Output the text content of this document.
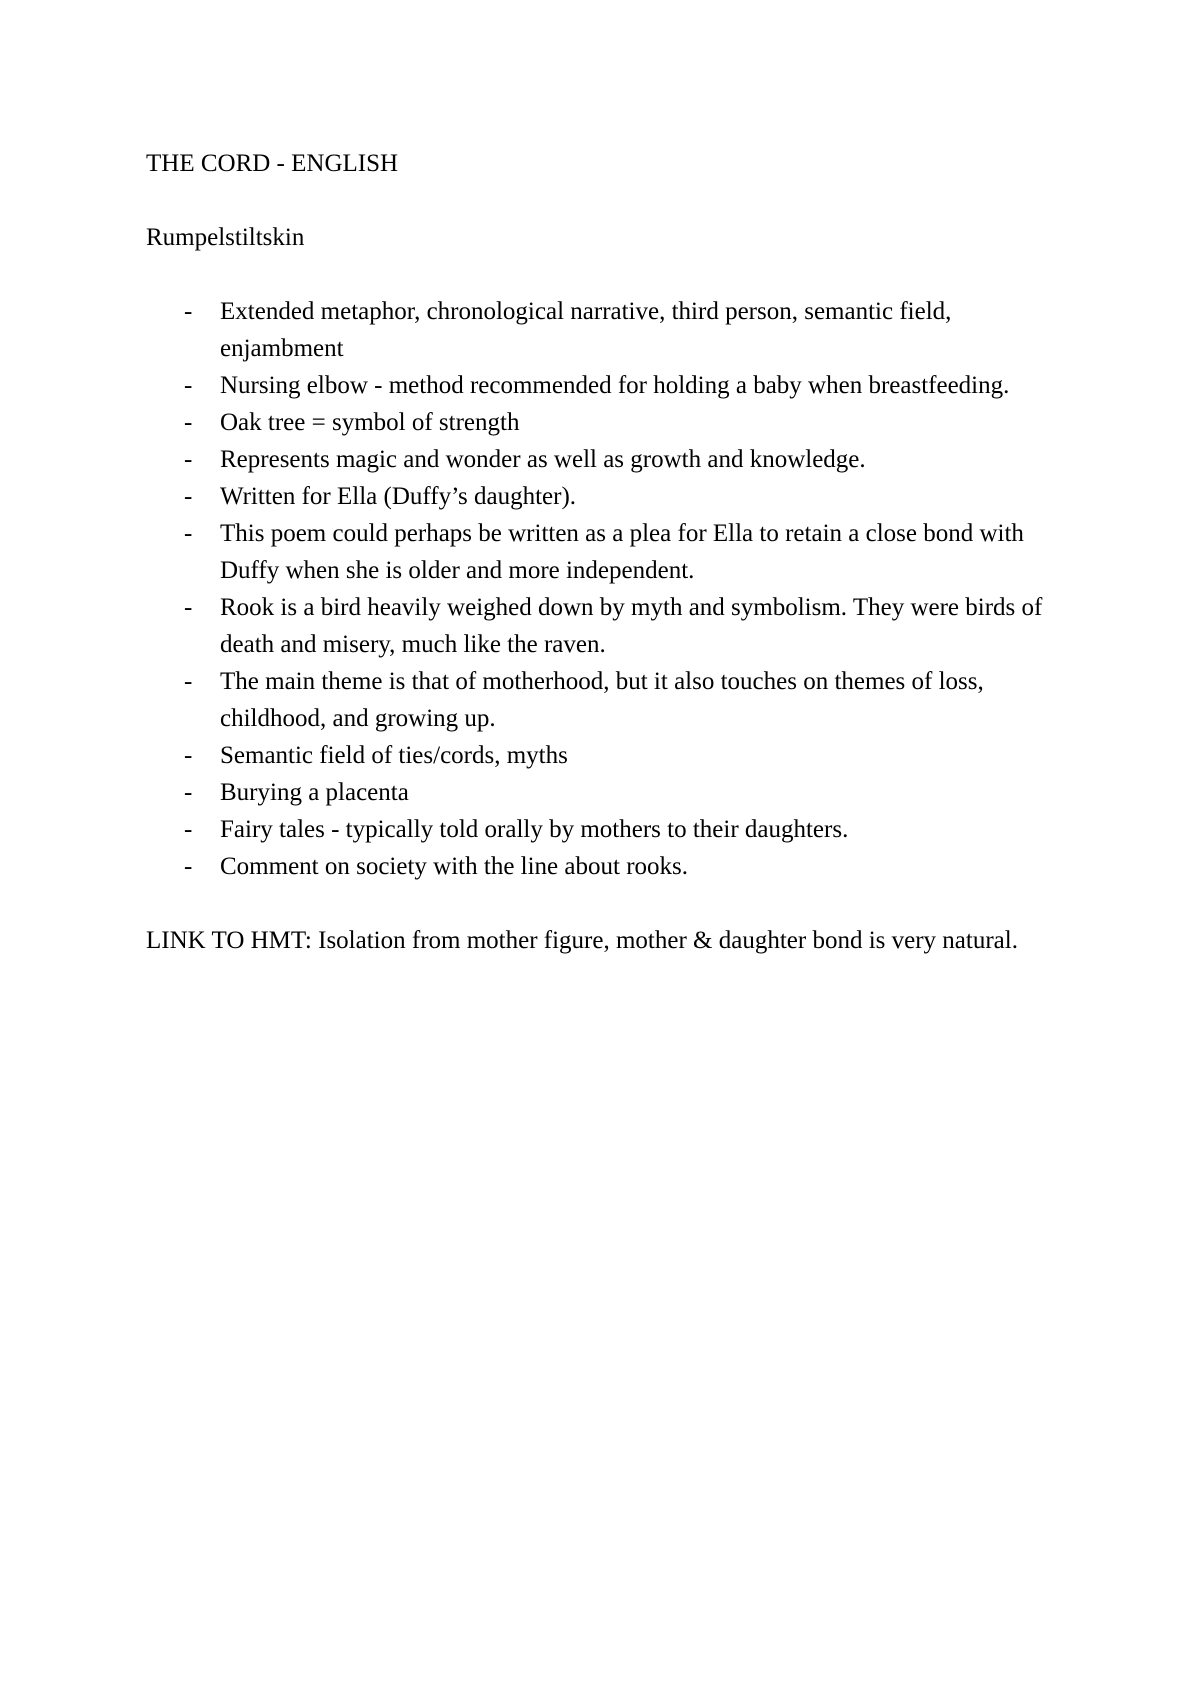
THE CORD - ENGLISH

Rumpelstiltskin

- Extended metaphor, chronological narrative, third person, semantic field, enjambment
- Nursing elbow - method recommended for holding a baby when breastfeeding.
- Oak tree = symbol of strength
- Represents magic and wonder as well as growth and knowledge.
- Written for Ella (Duffy’s daughter).
- This poem could perhaps be written as a plea for Ella to retain a close bond with Duffy when she is older and more independent.
- Rook is a bird heavily weighed down by myth and symbolism. They were birds of death and misery, much like the raven.
- The main theme is that of motherhood, but it also touches on themes of loss, childhood, and growing up.
- Semantic field of ties/cords, myths
- Burying a placenta
- Fairy tales - typically told orally by mothers to their daughters.
- Comment on society with the line about rooks.

LINK TO HMT: Isolation from mother figure, mother & daughter bond is very natural.
